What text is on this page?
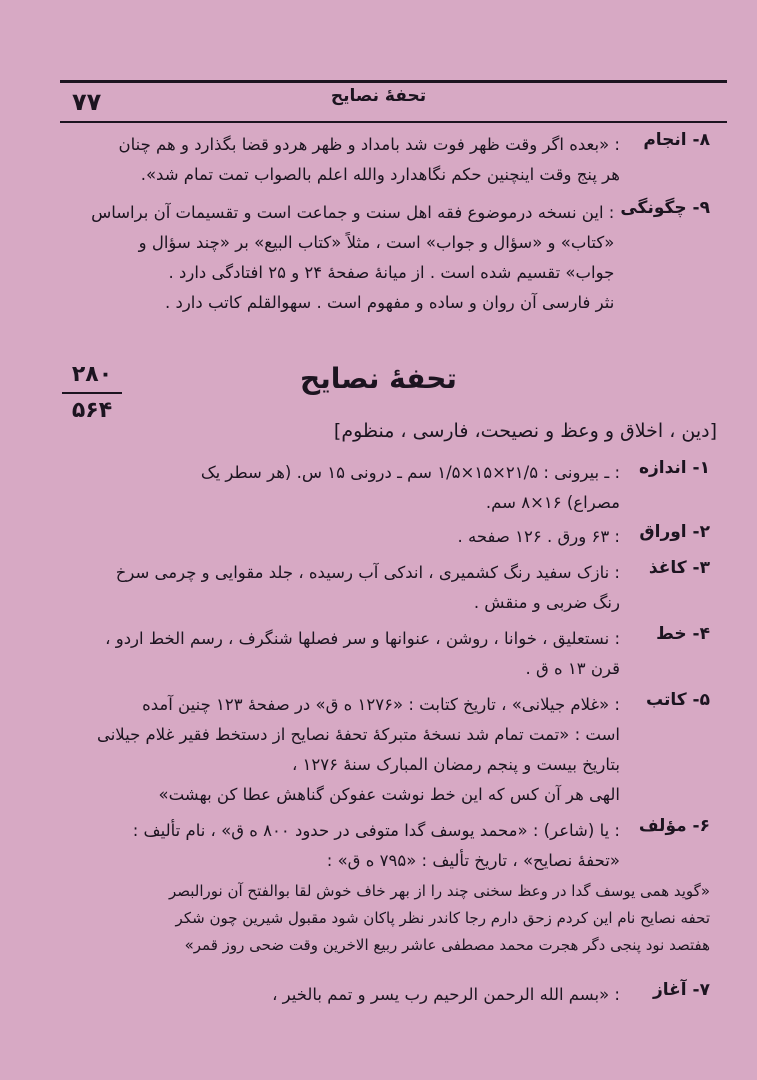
۷۷	تحفهٔ نصایح
۸- انجام
: «بعده اگر وقت ظهر فوت شد بامداد و ظهر هردو قضا بگذارد و هم چنان
هر پنج وقت اینچنین حکم نگاهدارد والله اعلم بالصواب تمت تمام شد».
۹- چگونگی
: این نسخه درموضوع فقه اهل سنت و جماعت است و تقسیمات آن براساس
«کتاب» و «سؤال و جواب» است ، مثلاً «کتاب البیع» بر «چند سؤال و
جواب» تقسیم شده است . از میانهٔ صفحهٔ ۲۴ و ۲۵ افتادگی دارد .
نثر فارسی آن روان و ساده و مفهوم است . سهوالقلم کاتب دارد .
۲۸۰
۵۶۴
تحفهٔ نصایح
[دین ، اخلاق و وعظ و نصیحت، فارسی ، منظوم]
۱- اندازه
: ـ بیرونی : ۲۱/۵×۱۵×۱/۵ سم ـ درونی ۱۵ س. (هر سطر یک
مصراع) ۱۶×۸ سم.
۲- اوراق
: ۶۳ ورق . ۱۲۶ صفحه .
۳- کاغذ
: نازک سفید رنگ کشمیری ، اندکی آب رسیده ، جلد مقوایی و چرمی سرخ
رنگ ضربی و منقش .
۴- خط
: نستعلیق ، خوانا ، روشن ، عنوانها و سر فصلها شنگرف ، رسم الخط اردو ،
قرن ۱۳ ه ق .
۵- کاتب
: «غلام جیلانی» ، تاریخ کتابت : «۱۲۷۶ ه ق» در صفحهٔ ۱۲۳ چنین آمده
است : «تمت تمام شد نسخهٔ متبرکهٔ تحفهٔ نصایح از دستخط فقیر غلام جیلانی
بتاریخ بیست و پنجم رمضان المبارک سنهٔ ۱۲۷۶ ،
الهی هر آن کس که این خط نوشت عفوکن گناهش عطا کن بهشت»
۶- مؤلف
: یا (شاعر) : «محمد یوسف گدا متوفی در حدود ۸۰۰ ه ق» ، نام تألیف :
«تحفهٔ نصایح» ، تاریخ تألیف : «۷۹۵ ه ق» :
«گوید همی یوسف گدا در وعظ سخنی چند را از بهر خاف خوش لقا بوالفتح آن نورالبصر
تحفه نصایح نام این کردم زحق دارم رجا کاندر نظر پاکان شود مقبول شیرین چون شکر
هفتصد نود پنجی دگر هجرت محمد مصطفی عاشر ربیع الاخرین وقت ضحی روز قمر»
۷- آغاز
: «بسم الله الرحمن الرحیم رب یسر و تمم بالخیر ،
